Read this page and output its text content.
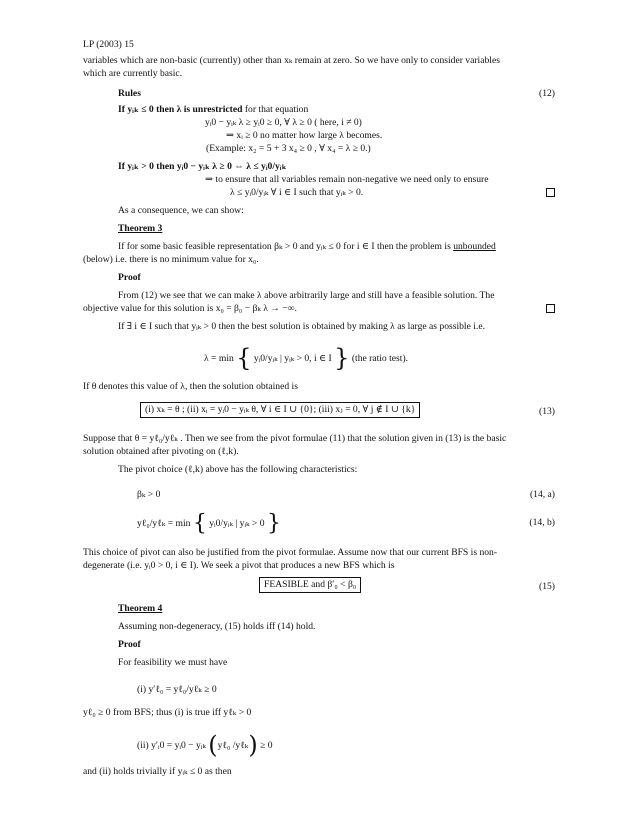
LP (2003) 15
variables which are non-basic (currently) other than xₖ remain at zero. So we have only to consider variables
which are currently basic.
Rules	(12)
If yᵢₖ ≤ 0 then λ is unrestricted for that equation
yᵢ0 − yᵢₖ λ ≥ yᵢ0 ≥ 0, ∀ λ ≥ 0 ( here, i ≠ 0)
⇒ xᵢ ≥ 0 no matter how large λ becomes.
(Example: x₂ = 5 + 3 x₄ ≥ 0 , ∀ x₄ = λ ≥ 0.)
If yᵢₖ > 0 then yᵢ0 − yᵢₖ λ ≥ 0 ⇔ λ ≤ yᵢ0/yᵢₖ
⇒ to ensure that all variables remain non-negative we need only to ensure
λ ≤ yᵢ0/yᵢₖ ∀ i ∈ I such that yᵢₖ > 0.
As a consequence, we can show:
Theorem 3
If for some basic feasible representation βₖ > 0 and yᵢₖ ≤ 0 for i ∈ I then the problem is unbounded
(below) i.e. there is no minimum value for x₀.
Proof
From (12) we see that we can make λ above arbitrarily large and still have a feasible solution. The
objective value for this solution is x₀ = β₀ − βₖ λ → −∞.
If ∃ i ∈ I such that yᵢₖ > 0 then the best solution is obtained by making λ as large as possible i.e.
λ = min { yᵢ0/yᵢₖ | yᵢₖ > 0, i ∈ I } (the ratio test).
If θ denotes this value of λ, then the solution obtained is
(i) xₖ = θ ; (ii) xᵢ = yᵢ0 − yᵢₖ θ, ∀ i ∈ I ∪ {0}; (iii) xⱼ = 0, ∀ j ∉ I ∪ {k}	(13)
Suppose that θ = yℓ₀/yℓₖ . Then we see from the pivot formulae (11) that the solution given in (13) is the basic
solution obtained after pivoting on (ℓ,k).
The pivot choice (ℓ,k) above has the following characteristics:
βₖ > 0	(14, a)
yℓ₀/yℓₖ = min { yᵢ0/yᵢₖ | yᵢₖ > 0 }	(14, b)
This choice of pivot can also be justified from the pivot formulae. Assume now that our current BFS is non-
degenerate (i.e. yᵢ0 > 0, i ∈ I). We seek a pivot that produces a new BFS which is
FEASIBLE and β′₀ < β₀	(15)
Theorem 4
Assuming non-degeneracy, (15) holds iff (14) hold.
Proof
For feasibility we must have
(i) y′ℓ₀ = yℓ₀/yℓₖ ≥ 0
yℓ₀ ≥ 0 from BFS; thus (i) is true iff yℓₖ > 0
(ii) y′ᵢ0 = yᵢ0 − yᵢₖ (yℓ₀ /yℓₖ) ≥ 0
and (ii) holds trivially if yᵢₖ ≤ 0 as then
